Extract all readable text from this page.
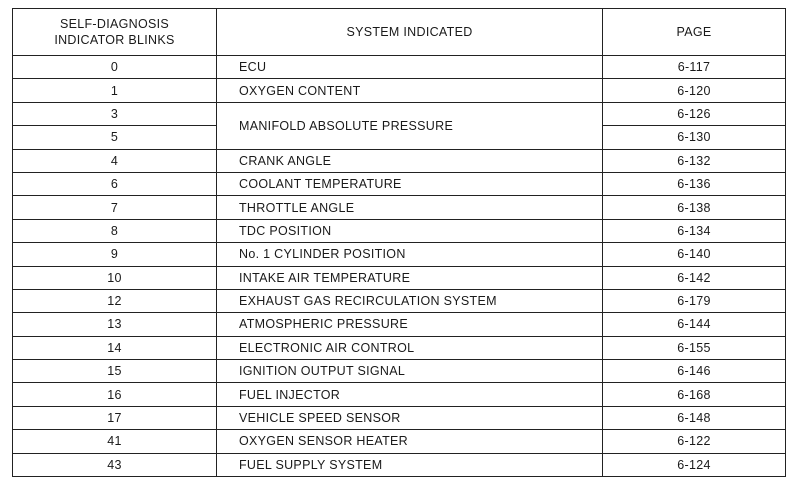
SELF-DIAGNOSIS
INDICATOR BLINKS	SYSTEM INDICATED	PAGE
0	ECU	6-117
1	OXYGEN CONTENT	6-120
3	MANIFOLD ABSOLUTE PRESSURE	6-126
5		6-130
4	CRANK ANGLE	6-132
6	COOLANT TEMPERATURE	6-136
7	THROTTLE ANGLE	6-138
8	TDC POSITION	6-134
9	No. 1 CYLINDER POSITION	6-140
10	INTAKE AIR TEMPERATURE	6-142
12	EXHAUST GAS RECIRCULATION SYSTEM	6-179
13	ATMOSPHERIC PRESSURE	6-144
14	ELECTRONIC AIR CONTROL	6-155
15	IGNITION OUTPUT SIGNAL	6-146
16	FUEL INJECTOR	6-168
17	VEHICLE SPEED SENSOR	6-148
41	OXYGEN SENSOR HEATER	6-122
43	FUEL SUPPLY SYSTEM	6-124
